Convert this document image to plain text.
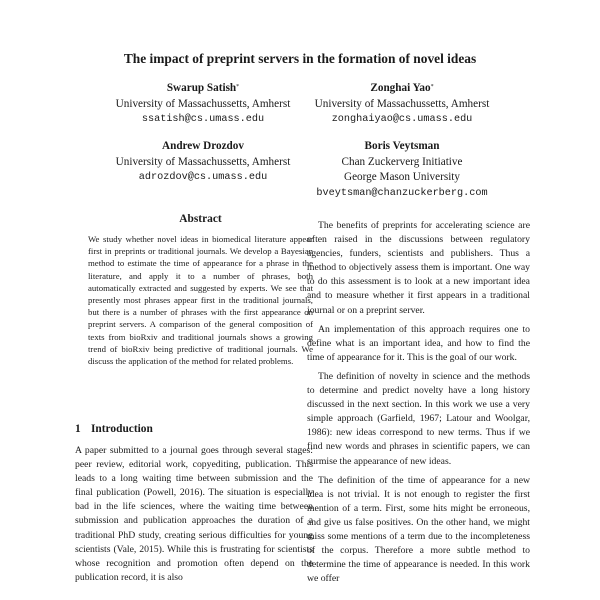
The impact of preprint servers in the formation of novel ideas
Swarup Satish*
University of Massachussetts, Amherst
ssatish@cs.umass.edu
Zonghai Yao*
University of Massachussetts, Amherst
zonghaiyao@cs.umass.edu
Andrew Drozdov
University of Massachussetts, Amherst
adrozdov@cs.umass.edu
Boris Veytsman
Chan Zuckerverg Initiative
George Mason University
bveytsman@chanzuckerberg.com
Abstract

We study whether novel ideas in biomedical literature appear first in preprints or traditional journals. We develop a Bayesian method to estimate the time of appearance for a phrase in the literature, and apply it to a number of phrases, both automatically extracted and suggested by experts. We see that presently most phrases appear first in the traditional journals, but there is a number of phrases with the first appearance on preprint servers. A comparison of the general composition of texts from bioRxiv and traditional journals shows a growing trend of bioRxiv being predictive of traditional journals. We discuss the application of the method for related problems.

1 Introduction

A paper submitted to a journal goes through several stages: peer review, editorial work, copyediting, publication. This leads to a long waiting time between submission and the final publication (Powell, 2016). The situation is especially bad in the life sciences, where the waiting time between submission and publication approaches the duration of a traditional PhD study, creating serious difficulties for young scientists (Vale, 2015). While this is frustrating for scientists whose recognition and promotion often depend on the publication record, it is also

The benefits of preprints for accelerating science are often raised in the discussions between regulatory agencies, funders, scientists and publishers. Thus a method to objectively assess them is important. One way to do this assessment is to look at a new important idea and to measure whether it first appears in a traditional journal or on a preprint server.

An implementation of this approach requires one to define what is an important idea, and how to find the time of appearance for it. This is the goal of our work.

The definition of novelty in science and the methods to determine and predict novelty have a long history discussed in the next section. In this work we use a very simple approach (Garfield, 1967; Latour and Woolgar, 1986): new ideas correspond to new terms. Thus if we find new words and phrases in scientific papers, we can surmise the appearance of new ideas.

The definition of the time of appearance for a new idea is not trivial. It is not enough to register the first mention of a term. First, some hits might be erroneous, and give us false positives. On the other hand, we might miss some mentions of a term due to the incompleteness of the corpus. Therefore a more subtle method to determine the time of appearance is needed. In this work we offer
